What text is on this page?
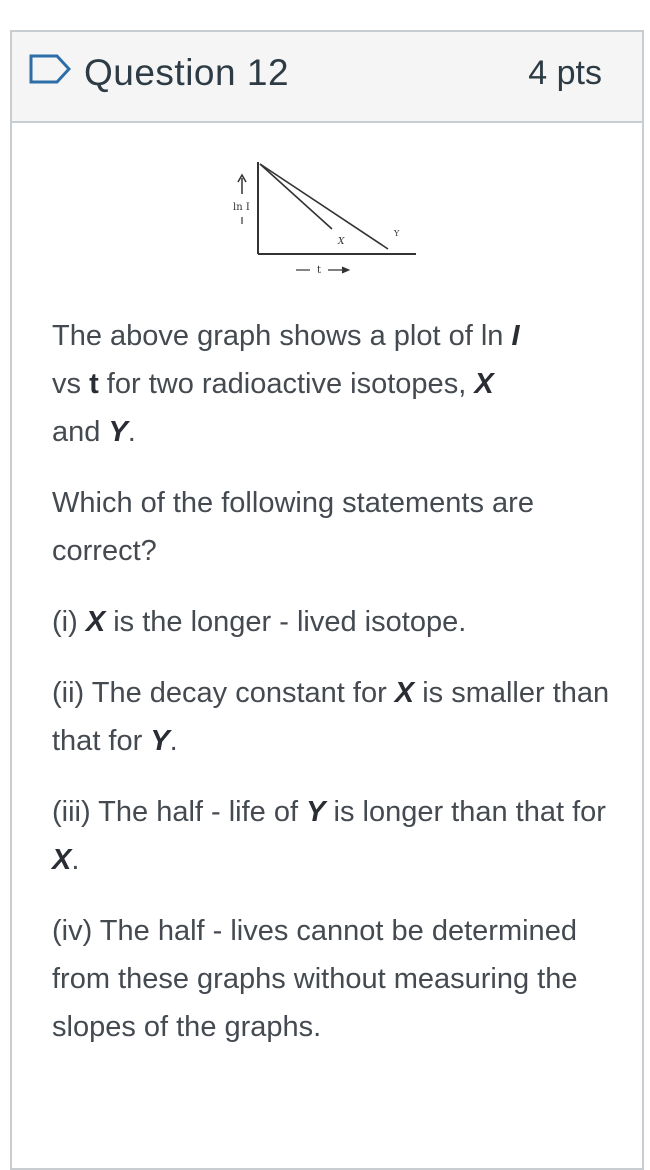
Question 12	4 pts
ln I
t
X
Y

The above graph shows a plot of ln I
vs t for two radioactive isotopes, X
and Y.

Which of the following statements are correct?

(i) X is the longer - lived isotope.

(ii) The decay constant for X is smaller than that for Y.

(iii) The half - life of Y is longer than that for X.

(iv) The half - lives cannot be determined from these graphs without measuring the slopes of the graphs.
